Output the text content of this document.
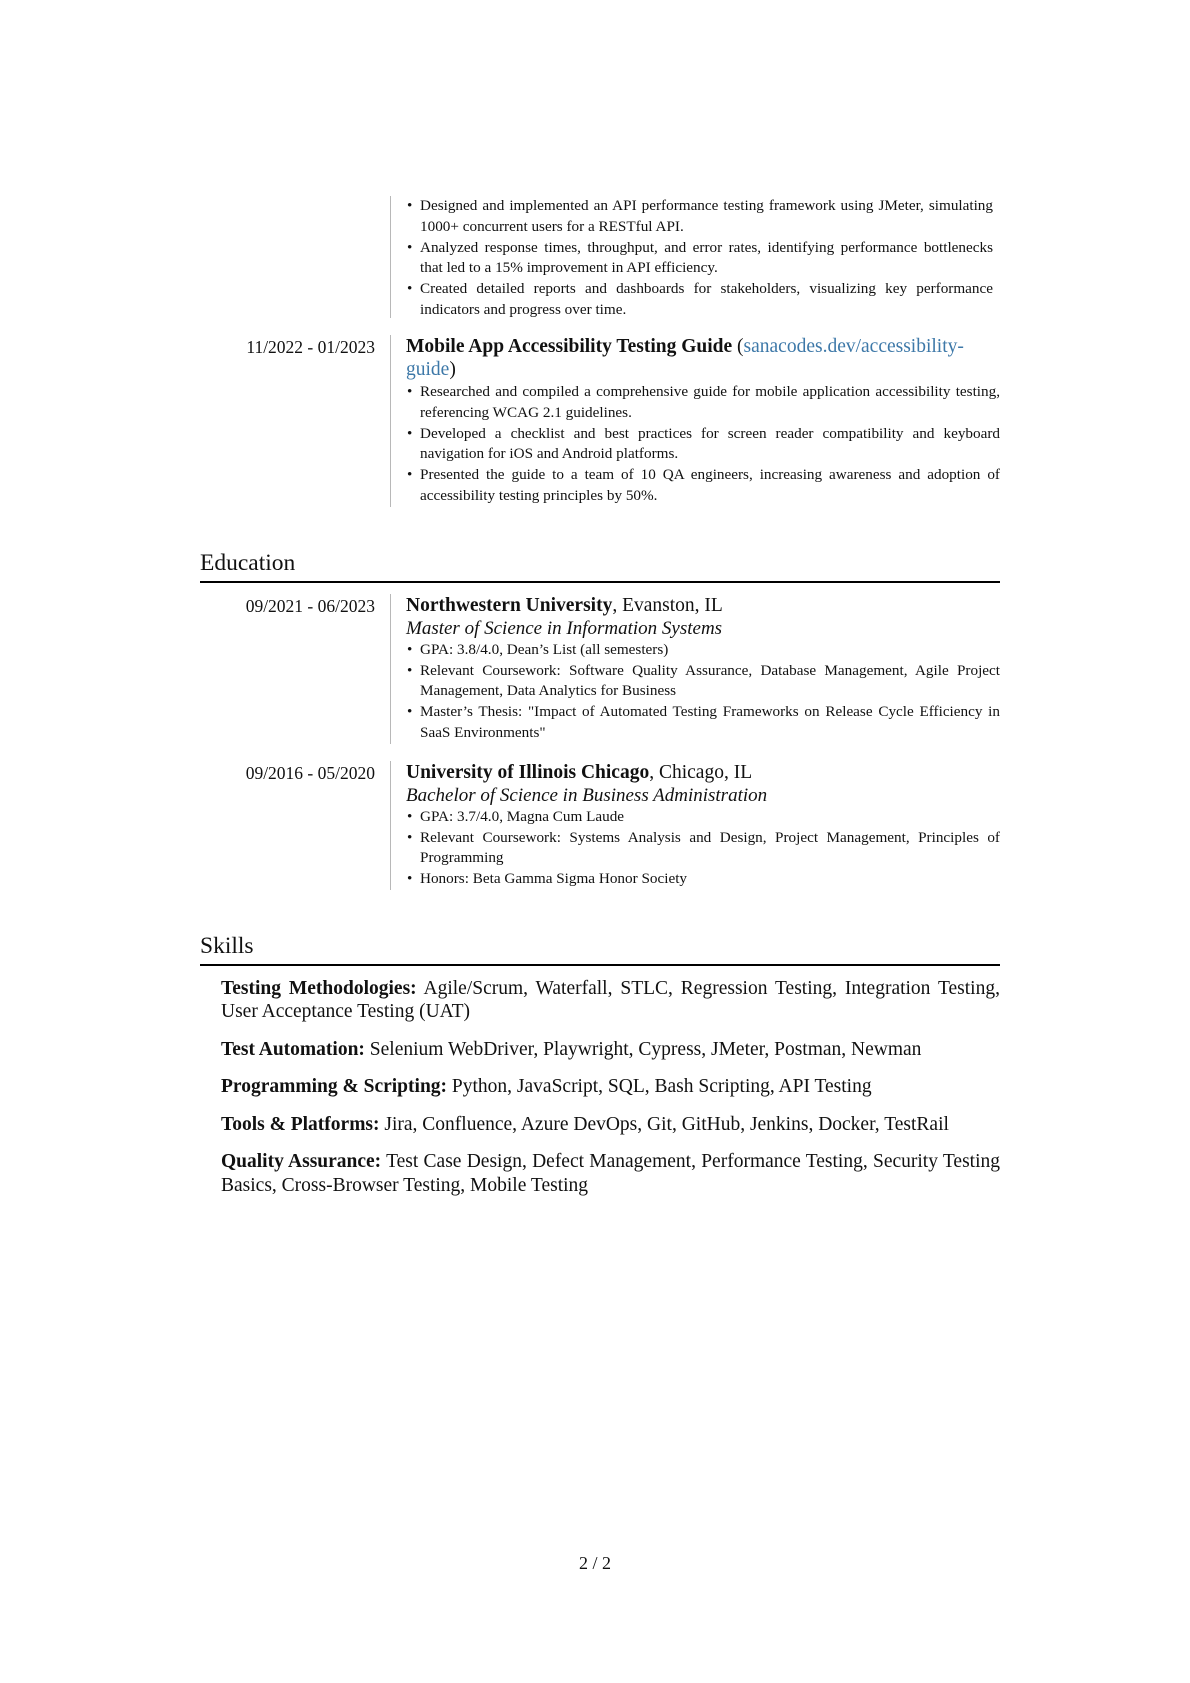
• Designed and implemented an API performance testing framework using JMeter, simulating 1000+ concurrent users for a RESTful API.
• Analyzed response times, throughput, and error rates, identifying performance bottlenecks that led to a 15% improvement in API efficiency.
• Created detailed reports and dashboards for stakeholders, visualizing key performance indicators and progress over time.
11/2022 - 01/2023	Mobile App Accessibility Testing Guide (sanacodes.dev/accessibility-guide)
• Researched and compiled a comprehensive guide for mobile application accessibility testing, referencing WCAG 2.1 guidelines.
• Developed a checklist and best practices for screen reader compatibility and keyboard navigation for iOS and Android platforms.
• Presented the guide to a team of 10 QA engineers, increasing awareness and adoption of accessibility testing principles by 50%.
Education
09/2021 - 06/2023	Northwestern University, Evanston, IL
Master of Science in Information Systems
• GPA: 3.8/4.0, Dean’s List (all semesters)
• Relevant Coursework: Software Quality Assurance, Database Management, Agile Project Management, Data Analytics for Business
• Master’s Thesis: "Impact of Automated Testing Frameworks on Release Cycle Efficiency in SaaS Environments"
09/2016 - 05/2020	University of Illinois Chicago, Chicago, IL
Bachelor of Science in Business Administration
• GPA: 3.7/4.0, Magna Cum Laude
• Relevant Coursework: Systems Analysis and Design, Project Management, Principles of Programming
• Honors: Beta Gamma Sigma Honor Society
Skills
Testing Methodologies: Agile/Scrum, Waterfall, STLC, Regression Testing, Integration Testing, User Acceptance Testing (UAT)
Test Automation: Selenium WebDriver, Playwright, Cypress, JMeter, Postman, Newman
Programming & Scripting: Python, JavaScript, SQL, Bash Scripting, API Testing
Tools & Platforms: Jira, Confluence, Azure DevOps, Git, GitHub, Jenkins, Docker, TestRail
Quality Assurance: Test Case Design, Defect Management, Performance Testing, Security Testing Basics, Cross-Browser Testing, Mobile Testing
2 / 2
